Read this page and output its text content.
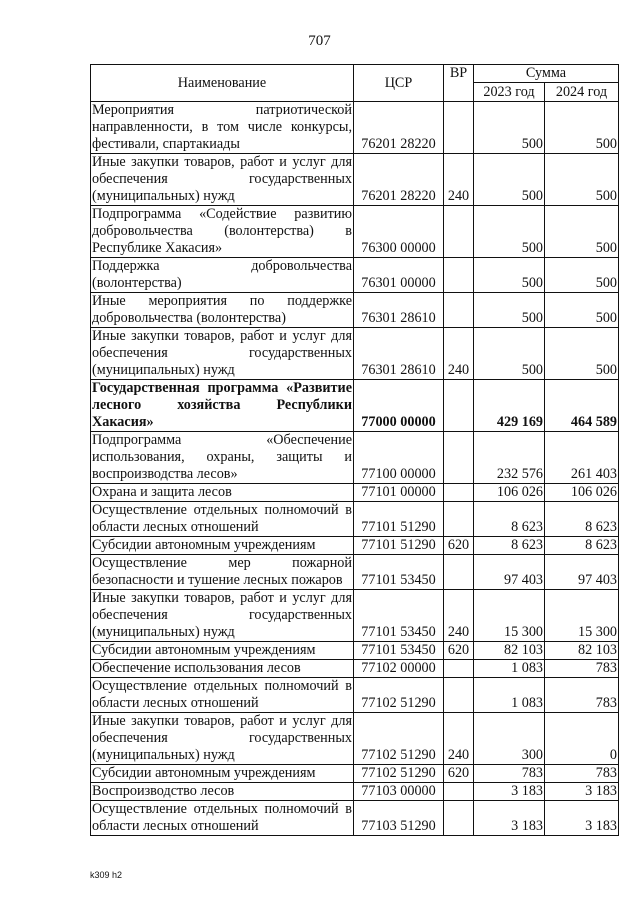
707
Наименование	ЦСР	ВР	Сумма	
			2023 год	2024 год
Мероприятия патриотической направленности, в том числе конкурсы, фестивали, спартакиады	76201 28220		500	500
Иные закупки товаров, работ и услуг для обеспечения государственных (муниципальных) нужд	76201 28220	240	500	500
Подпрограмма «Содействие развитию добровольчества (волонтерства) в Республике Хакасия»	76300 00000		500	500
Поддержка добровольчества (волонтерства)	76301 00000		500	500
Иные мероприятия по поддержке добровольчества (волонтерства)	76301 28610		500	500
Иные закупки товаров, работ и услуг для обеспечения государственных (муниципальных) нужд	76301 28610	240	500	500
Государственная программа «Развитие лесного хозяйства Республики Хакасия»	77000 00000		429 169	464 589
Подпрограмма «Обеспечение использования, охраны, защиты и воспроизводства лесов»	77100 00000		232 576	261 403
Охрана и защита лесов	77101 00000		106 026	106 026
Осуществление отдельных полномочий в области лесных отношений	77101 51290		8 623	8 623
Субсидии автономным учреждениям	77101 51290	620	8 623	8 623
Осуществление мер пожарной безопасности и тушение лесных пожаров	77101 53450		97 403	97 403
Иные закупки товаров, работ и услуг для обеспечения государственных (муниципальных) нужд	77101 53450	240	15 300	15 300
Субсидии автономным учреждениям	77101 53450	620	82 103	82 103
Обеспечение использования лесов	77102 00000		1 083	783
Осуществление отдельных полномочий в области лесных отношений	77102 51290		1 083	783
Иные закупки товаров, работ и услуг для обеспечения государственных (муниципальных) нужд	77102 51290	240	300	0
Субсидии автономным учреждениям	77102 51290	620	783	783
Воспроизводство лесов	77103 00000		3 183	3 183
Осуществление отдельных полномочий в области лесных отношений	77103 51290		3 183	3 183
k309 h2
